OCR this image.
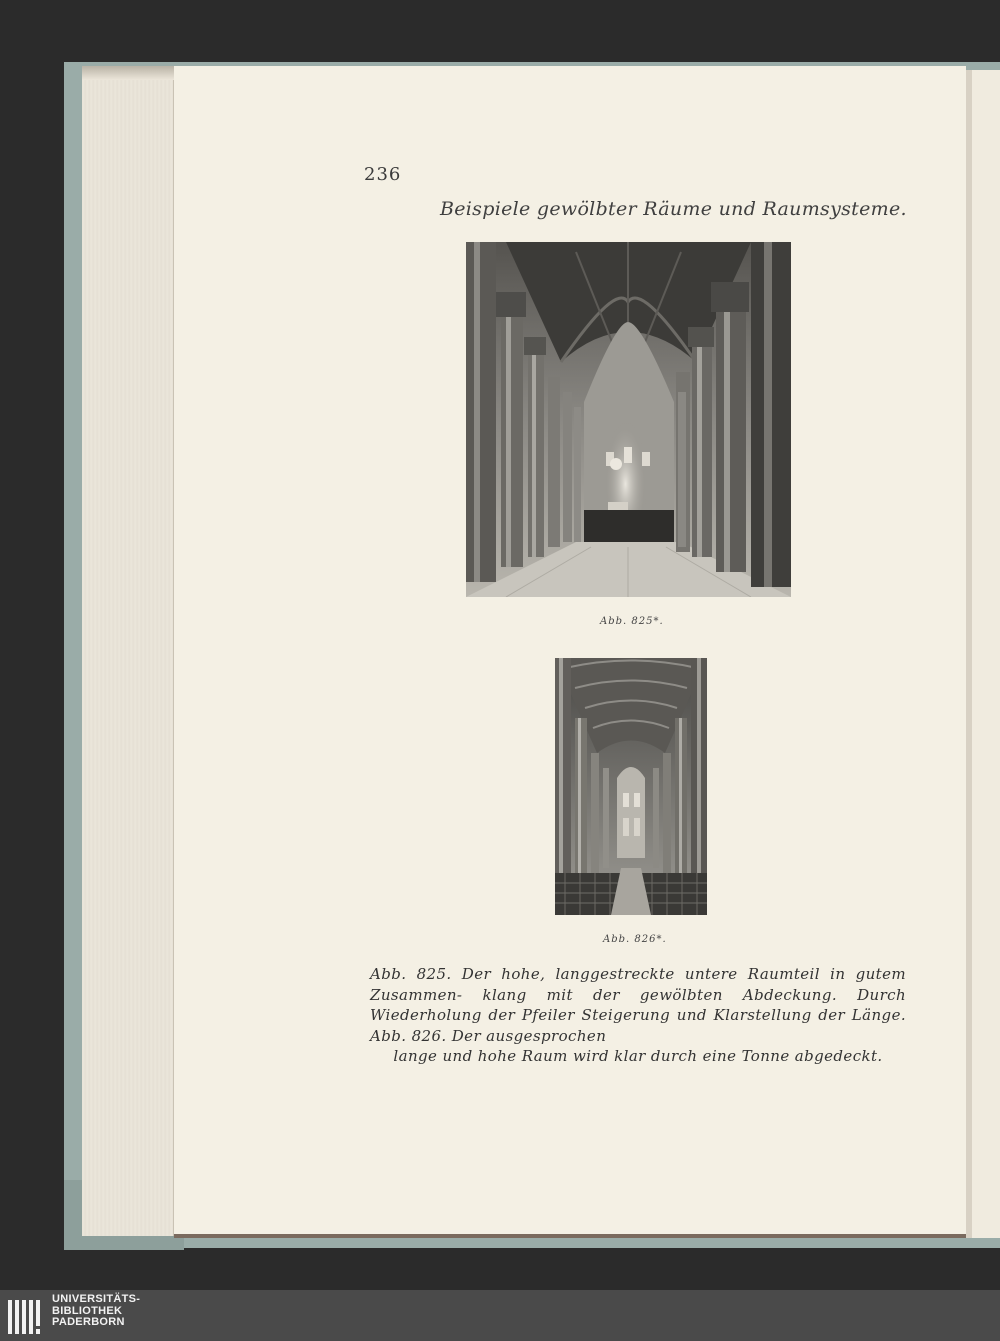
236
Beispiele gewölbter Räume und Raumsysteme.
Abb. 825*.
Abb. 826*.
Abb. 825. Der hohe, langgestreckte untere Raumteil in gutem Zusammen- klang mit der gewölbten Abdeckung. Durch Wiederholung der Pfeiler Steigerung und Klarstellung der Länge. Abb. 826. Der ausgesprochen
lange und hohe Raum wird klar durch eine Tonne abgedeckt.
UNIVERSITÄTS-
BIBLIOTHEK
PADERBORN
